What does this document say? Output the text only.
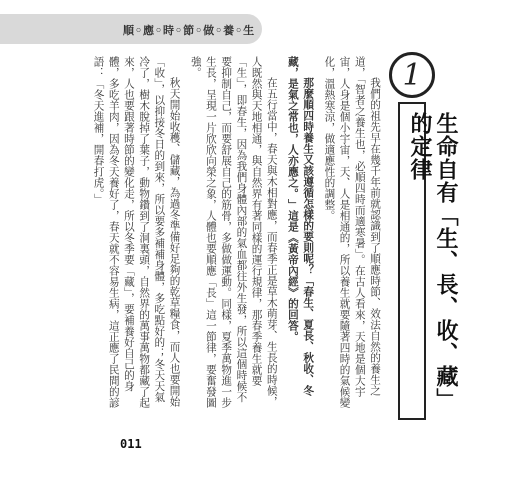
順◦應◦時◦節◦做◦養◦生

我們的祖先早在幾千年前就認識到了順應時節、效法自然的養生之道，「智者之養生也，必順四時而適寒暑」。在古人看來，天地是個大宇宙，人身是個小宇宙，天、人是相通的，所以養生就要隨著四時的氣候變化，溫熱寒涼，做適應性的調整。

那麼順四時養生又該遵循怎樣的要則呢？「春生、夏長、秋收、冬藏，是氣之常也，人亦應之。」這是《黃帝內經》的回答。

在五行當中，春天與木相對應，而春季正是草木萌芽、生長的時候，人既然與天地相通，與自然界有著同樣的運行規律，那春季養生就要「生」，即春生，因為我們身體內部的氣血都往外生發，所以這個時候不要抑制自己，而要舒展自己的筋骨，多做做運動。同樣，夏季萬物進一步生長，呈現一片欣欣向榮之象，人體也要順應「長」這一節律，要奮發圖強。

秋天開始收穫、儲藏，為過冬準備好足夠的乾草糧食，而人也要開始「收」，以抑接冬日的到來，所以要多補補身體，多吃點好的；冬天天氣冷了，樹木脫掉了葉子，動物鑽到了洞裏頭，自然界的萬事萬物都藏了起來，人也要跟著時節的變化走，所以冬季要「藏」，要補養好自己的身體，多吃羊肉，因為冬天養好了，春天就不容易生病，這正應了民間的諺語：「冬天進補，開春打虎。」	1
生命自有「生、長、收、藏」的定律
011
